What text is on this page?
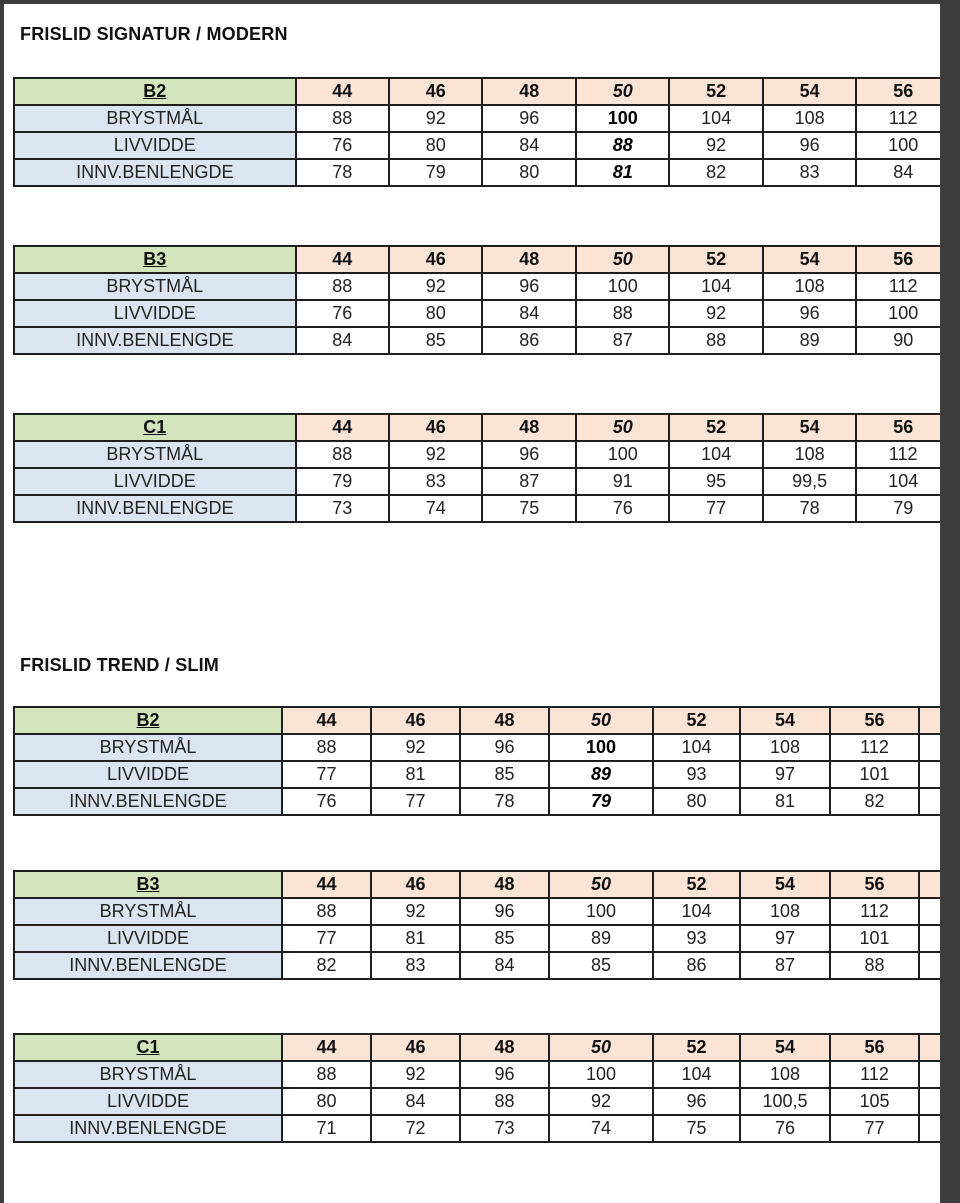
FRISLID SIGNATUR / MODERN
B2	44	46	48	50	52	54	56
BRYSTMÅL	88	92	96	100	104	108	112
LIVVIDDE	76	80	84	88	92	96	100
INNV.BENLENGDE	78	79	80	81	82	83	84
B3	44	46	48	50	52	54	56
BRYSTMÅL	88	92	96	100	104	108	112
LIVVIDDE	76	80	84	88	92	96	100
INNV.BENLENGDE	84	85	86	87	88	89	90
C1	44	46	48	50	52	54	56
BRYSTMÅL	88	92	96	100	104	108	112
LIVVIDDE	79	83	87	91	95	99,5	104
INNV.BENLENGDE	73	74	75	76	77	78	79
FRISLID TREND / SLIM
B2	44	46	48	50	52	54	56	
BRYSTMÅL	88	92	96	100	104	108	112	
LIVVIDDE	77	81	85	89	93	97	101	
INNV.BENLENGDE	76	77	78	79	80	81	82	
B3	44	46	48	50	52	54	56	
BRYSTMÅL	88	92	96	100	104	108	112	
LIVVIDDE	77	81	85	89	93	97	101	
INNV.BENLENGDE	82	83	84	85	86	87	88	
C1	44	46	48	50	52	54	56	
BRYSTMÅL	88	92	96	100	104	108	112	
LIVVIDDE	80	84	88	92	96	100,5	105	
INNV.BENLENGDE	71	72	73	74	75	76	77	
